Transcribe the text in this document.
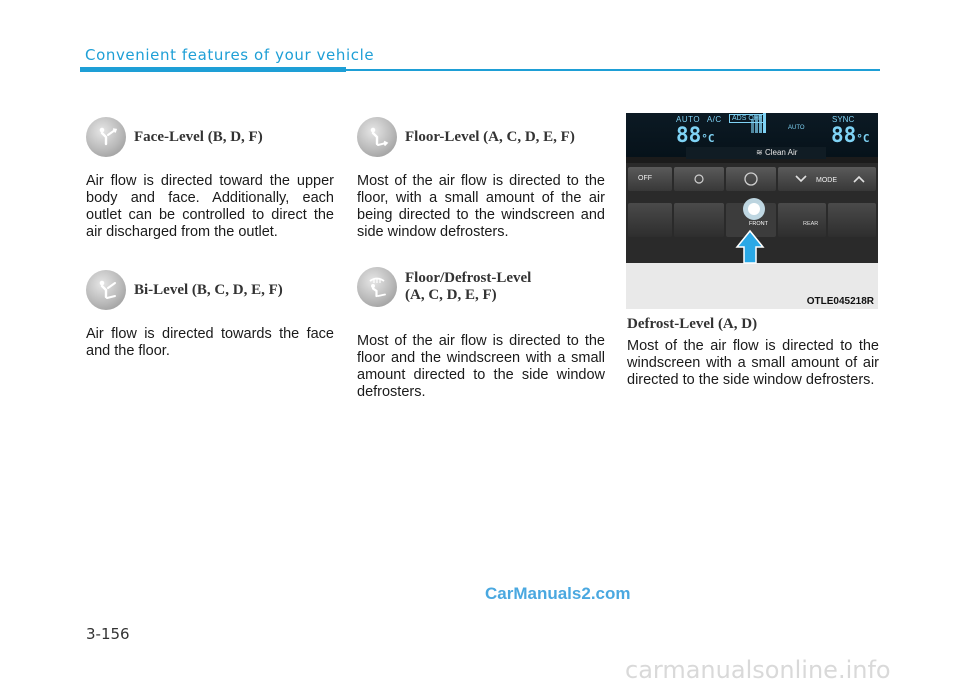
Convenient features of your vehicle
Face-Level (B, D, F)
Air flow is directed toward the upper body and face. Additionally, each outlet can be controlled to direct the air discharged from the outlet.
Bi-Level (B, C, D, E, F)
Air flow is directed towards the face and the floor.
Floor-Level (A, C, D, E, F)
Most of the air flow is directed to the floor, with a small amount of the air being directed to the windscreen and side window defrosters.
Floor/Defrost-Level
(A, C, D, E, F)
Most of the air flow is directed to the floor and the windscreen with a small amount directed to the side window defrosters.
AUTO A/C	ADS OFF	SYNC
88°C
AUTO 88°C
≋ Clean Air
OFF	MODE
FRONT	REAR
OTLE045218R
Defrost-Level (A, D)
Most of the air flow is directed to the windscreen with a small amount of air directed to the side window defrosters.
CarManuals2.com
3-156
carmanualsonline.info
